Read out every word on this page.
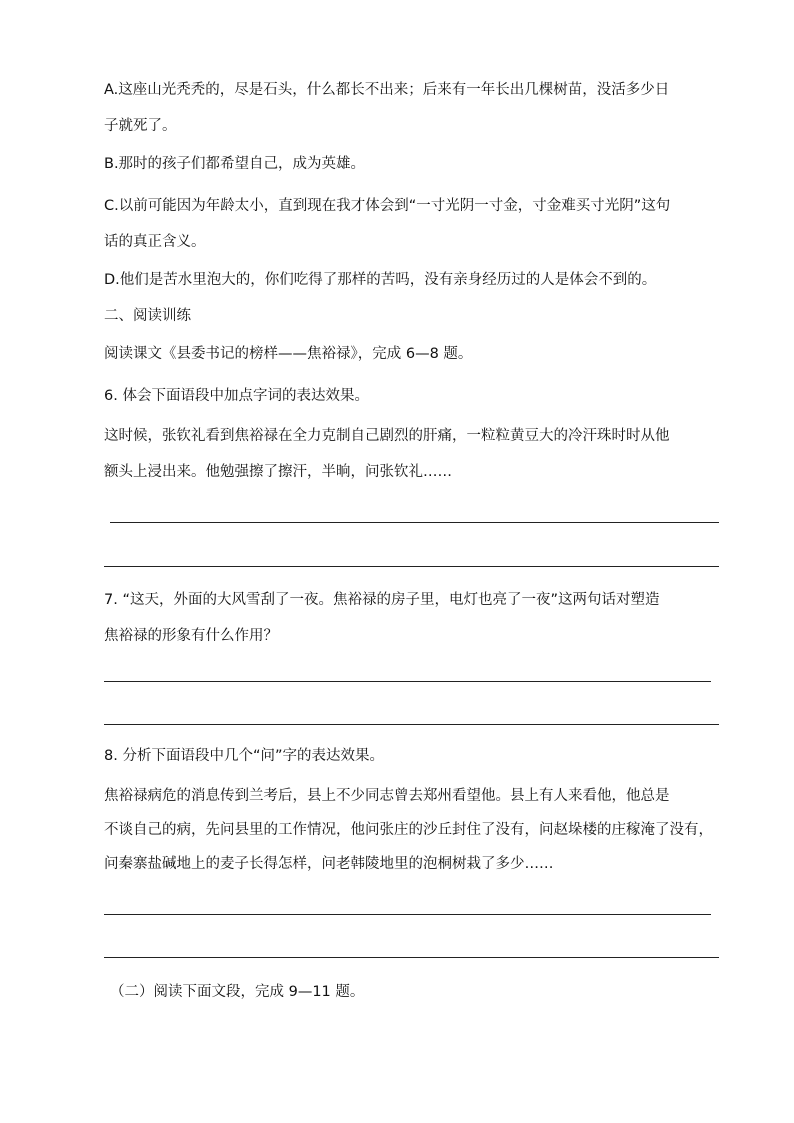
A.这座山光秃秃的，尽是石头，什么都长不出来；后来有一年长出几棵树苗，没活多少日
子就死了。
B.那时的孩子们都希望自己，成为英雄。
C.以前可能因为年龄太小，直到现在我才体会到“一寸光阴一寸金，寸金难买寸光阴”这句
话的真正含义。
D.他们是苦水里泡大的，你们吃得了那样的苦吗，没有亲身经历过的人是体会不到的。
二、阅读训练
阅读课文《县委书记的榜样——焦裕禄》，完成 6—8 题。
6. 体会下面语段中加点字词的表达效果。
这时候，张钦礼看到焦裕禄在全力克制自己剧烈的肝痛，一粒粒黄豆大的冷汗珠时时从他
额头上浸出来。他勉强擦了擦汗，半晌，问张钦礼……
7. “这天，外面的大风雪刮了一夜。焦裕禄的房子里，电灯也亮了一夜”这两句话对塑造
焦裕禄的形象有什么作用？
8. 分析下面语段中几个“问”字的表达效果。
焦裕禄病危的消息传到兰考后，县上不少同志曾去郑州看望他。县上有人来看他，他总是
不谈自己的病，先问县里的工作情况，他问张庄的沙丘封住了没有，问赵垛楼的庄稼淹了没有，
问秦寨盐碱地上的麦子长得怎样，问老韩陵地里的泡桐树栽了多少……
（二）阅读下面文段，完成 9—11 题。
